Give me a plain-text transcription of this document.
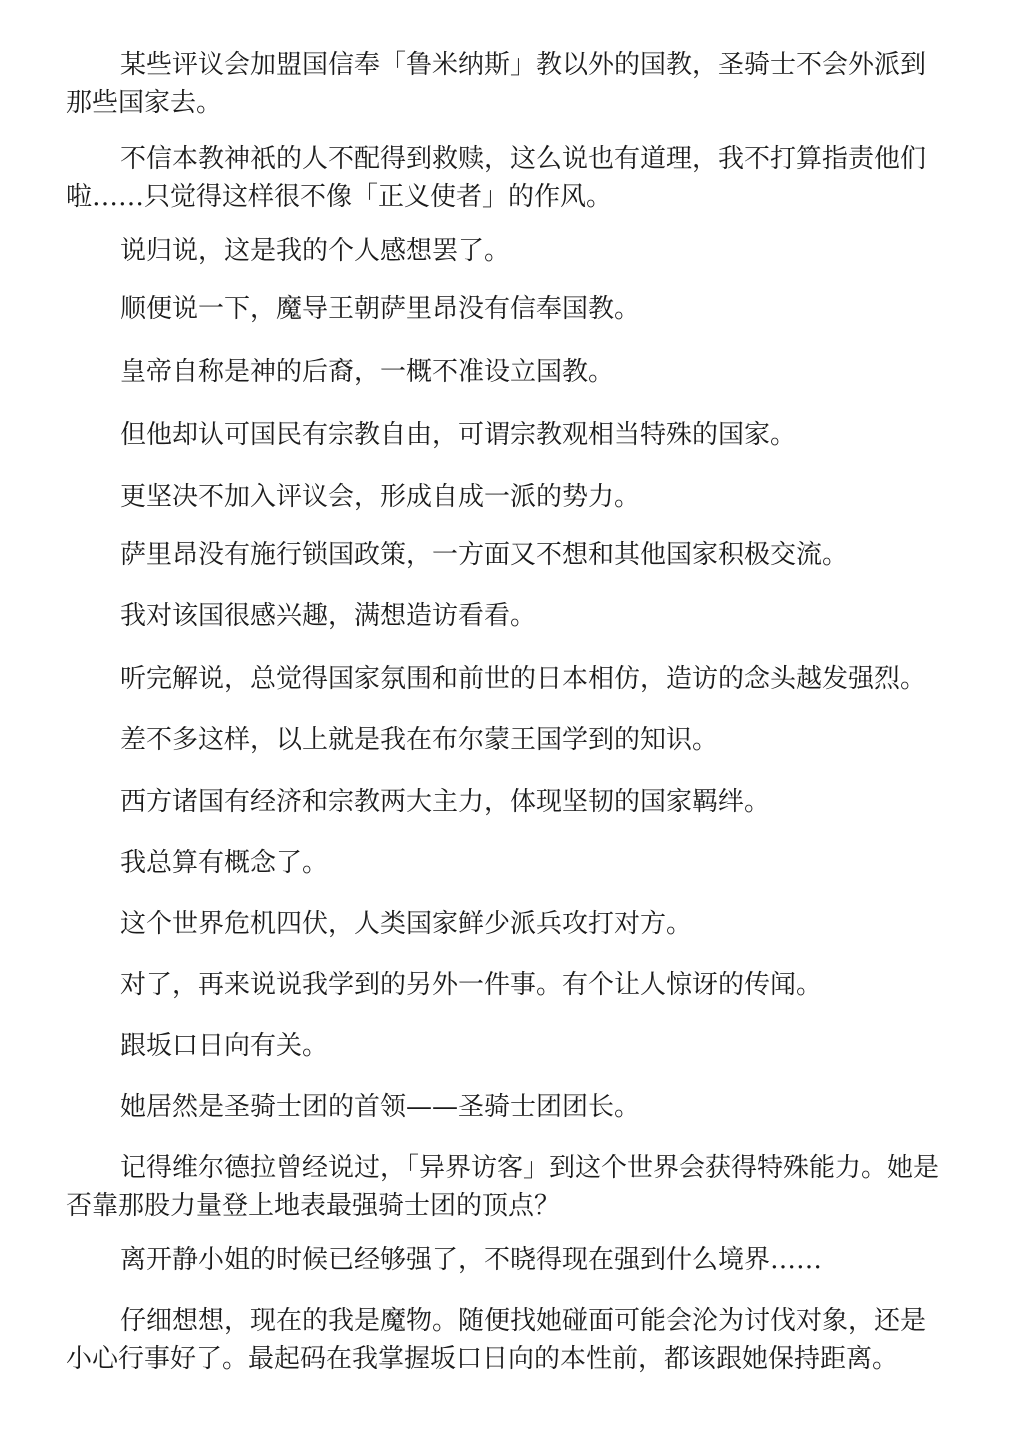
某些评议会加盟国信奉「鲁米纳斯」教以外的国教，圣骑士不会外派到那些国家去。

不信本教神祇的人不配得到救赎，这么说也有道理，我不打算指责他们啦……只觉得这样很不像「正义使者」的作风。

说归说，这是我的个人感想罢了。

顺便说一下，魔导王朝萨里昂没有信奉国教。

皇帝自称是神的后裔，一概不准设立国教。

但他却认可国民有宗教自由，可谓宗教观相当特殊的国家。

更坚决不加入评议会，形成自成一派的势力。

萨里昂没有施行锁国政策，一方面又不想和其他国家积极交流。

我对该国很感兴趣，满想造访看看。

听完解说，总觉得国家氛围和前世的日本相仿，造访的念头越发强烈。

差不多这样，以上就是我在布尔蒙王国学到的知识。

西方诸国有经济和宗教两大主力，体现坚韧的国家羁绊。

我总算有概念了。

这个世界危机四伏，人类国家鲜少派兵攻打对方。

对了，再来说说我学到的另外一件事。有个让人惊讶的传闻。

跟坂口日向有关。

她居然是圣骑士团的首领——圣骑士团团长。

记得维尔德拉曾经说过，「异界访客」到这个世界会获得特殊能力。她是否靠那股力量登上地表最强骑士团的顶点？

离开静小姐的时候已经够强了，不晓得现在强到什么境界……

仔细想想，现在的我是魔物。随便找她碰面可能会沦为讨伐对象，还是小心行事好了。最起码在我掌握坂口日向的本性前，都该跟她保持距离。
